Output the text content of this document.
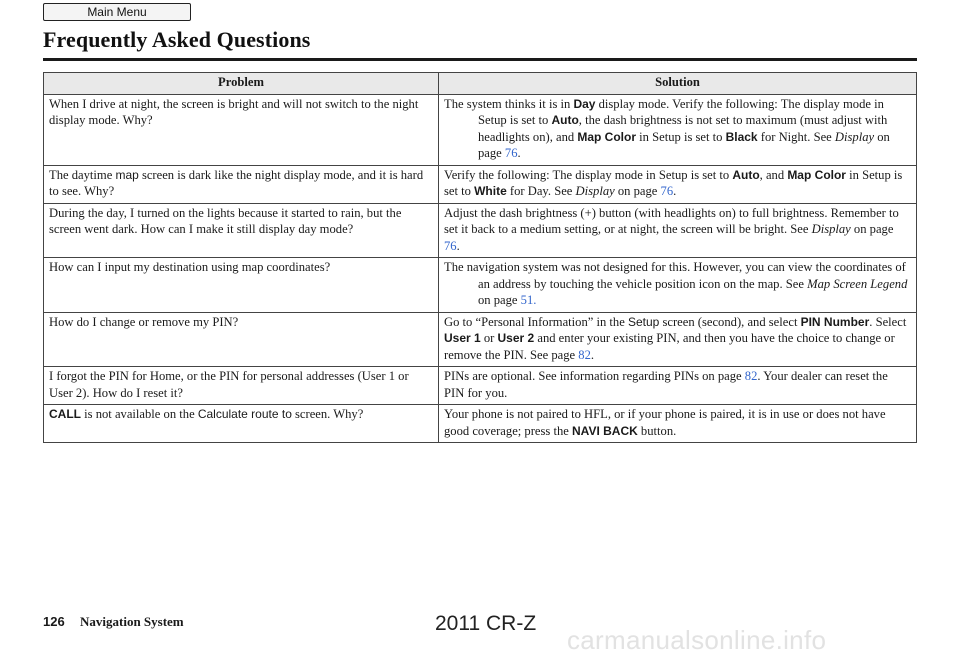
Main Menu
Frequently Asked Questions
Problem	Solution
When I drive at night, the screen is bright and will not switch to the night display mode. Why?	The system thinks it is in Day display mode. Verify the following: The display mode in Setup is set to Auto, the dash brightness is not set to maximum (must adjust with headlights on), and Map Color in Setup is set to Black for Night. See Display on page 76.

The daytime map screen is dark like the night display mode, and it is hard to see. Why?	Verify the following: The display mode in Setup is set to Auto, and Map Color in Setup is set to White for Day. See Display on page 76.
During the day, I turned on the lights because it started to rain, but the screen went dark. How can I make it still display day mode?	Adjust the dash brightness (+) button (with headlights on) to full brightness. Remember to set it back to a medium setting, or at night, the screen will be bright. See Display on page 76.
How can I input my destination using map coordinates?	The navigation system was not designed for this. However, you can view the coordinates of an address by touching the vehicle position icon on the map. See Map Screen Legend on page 51.

How do I change or remove my PIN?	Go to “Personal Information” in the Setup screen (second), and select PIN Number. Select User 1 or User 2 and enter your existing PIN, and then you have the choice to change or remove the PIN. See page 82.
I forgot the PIN for Home, or the PIN for personal addresses (User 1 or User 2). How do I reset it?	PINs are optional. See information regarding PINs on page 82. Your dealer can reset the PIN for you.
CALL is not available on the Calculate route to screen. Why?	Your phone is not paired to HFL, or if your phone is paired, it is in use or does not have good coverage; press the NAVI BACK button.
126 Navigation System	2011 CR-Z
carmanualsonline.info
